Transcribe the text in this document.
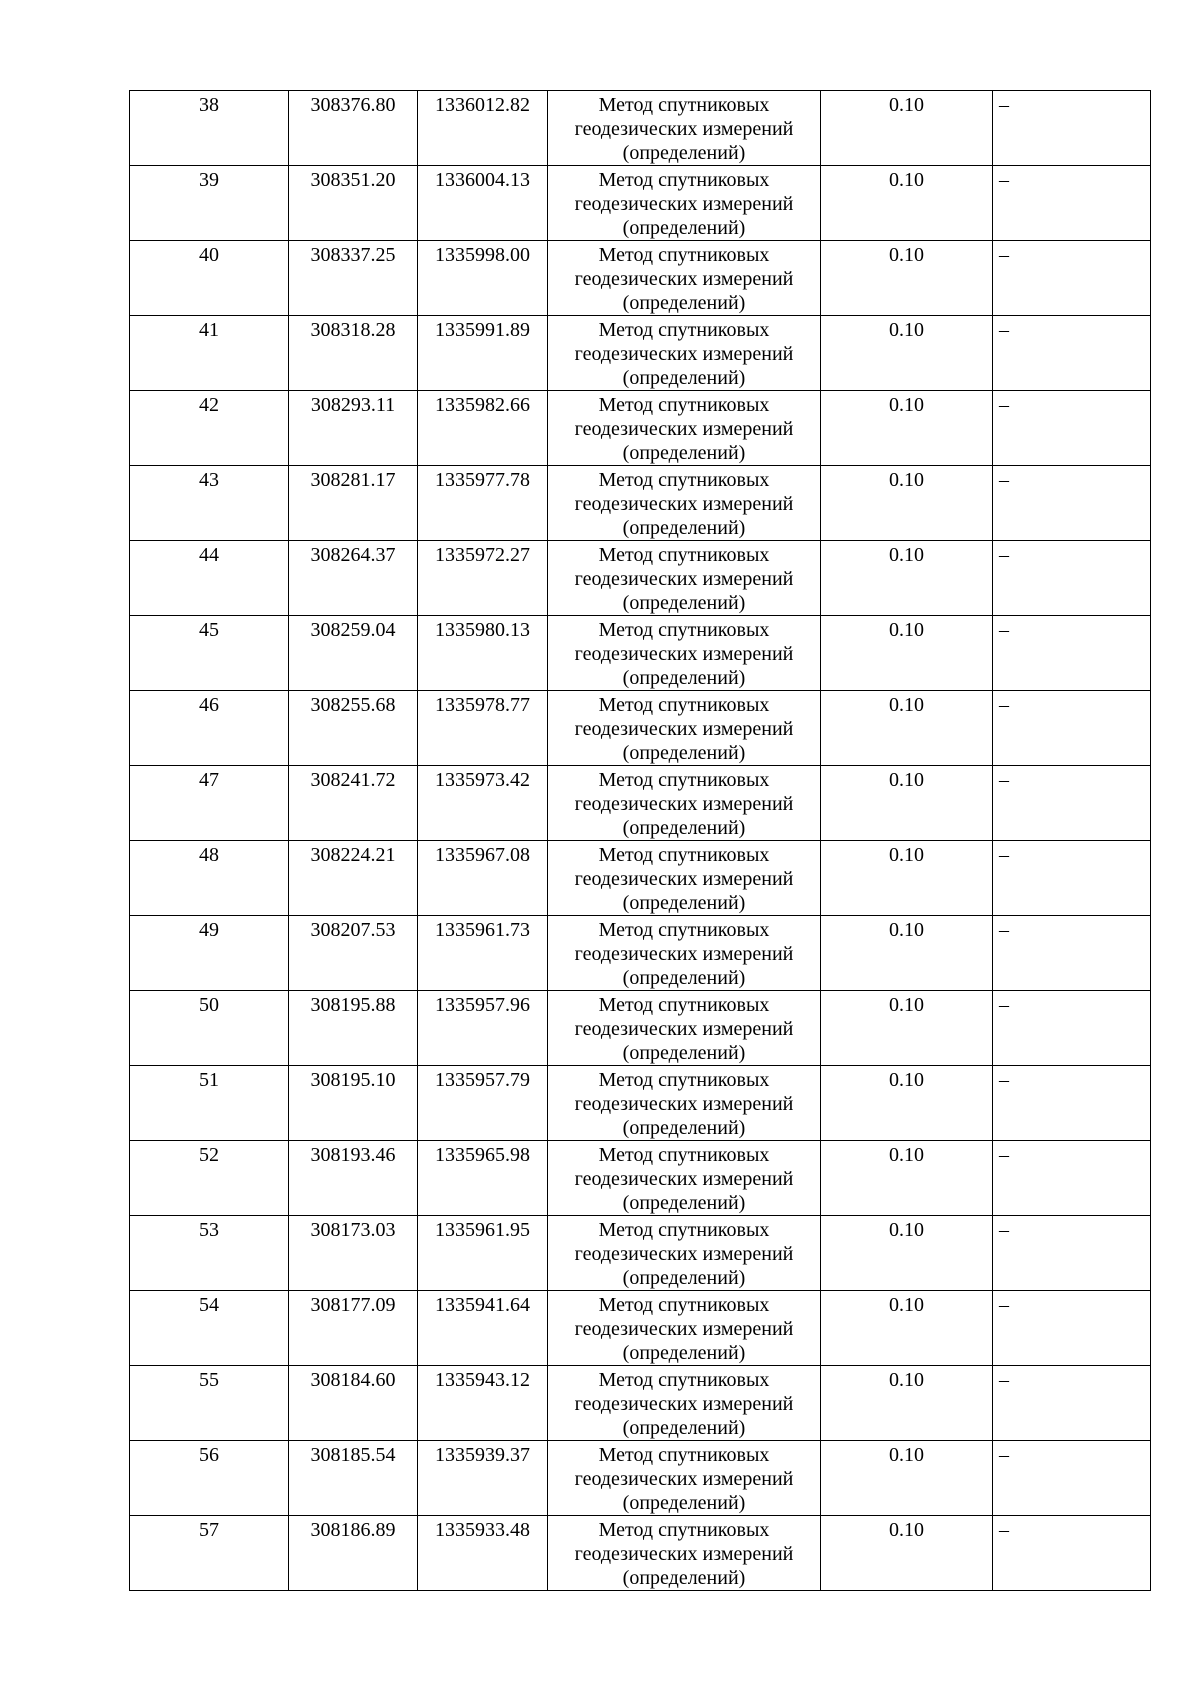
38	308376.80	1336012.82	Метод спутниковых геодезических измерений (определений)	0.10	–
39	308351.20	1336004.13	Метод спутниковых геодезических измерений (определений)	0.10	–
40	308337.25	1335998.00	Метод спутниковых геодезических измерений (определений)	0.10	–
41	308318.28	1335991.89	Метод спутниковых геодезических измерений (определений)	0.10	–
42	308293.11	1335982.66	Метод спутниковых геодезических измерений (определений)	0.10	–
43	308281.17	1335977.78	Метод спутниковых геодезических измерений (определений)	0.10	–
44	308264.37	1335972.27	Метод спутниковых геодезических измерений (определений)	0.10	–
45	308259.04	1335980.13	Метод спутниковых геодезических измерений (определений)	0.10	–
46	308255.68	1335978.77	Метод спутниковых геодезических измерений (определений)	0.10	–
47	308241.72	1335973.42	Метод спутниковых геодезических измерений (определений)	0.10	–
48	308224.21	1335967.08	Метод спутниковых геодезических измерений (определений)	0.10	–
49	308207.53	1335961.73	Метод спутниковых геодезических измерений (определений)	0.10	–
50	308195.88	1335957.96	Метод спутниковых геодезических измерений (определений)	0.10	–
51	308195.10	1335957.79	Метод спутниковых геодезических измерений (определений)	0.10	–
52	308193.46	1335965.98	Метод спутниковых геодезических измерений (определений)	0.10	–
53	308173.03	1335961.95	Метод спутниковых геодезических измерений (определений)	0.10	–
54	308177.09	1335941.64	Метод спутниковых геодезических измерений (определений)	0.10	–
55	308184.60	1335943.12	Метод спутниковых геодезических измерений (определений)	0.10	–
56	308185.54	1335939.37	Метод спутниковых геодезических измерений (определений)	0.10	–
57	308186.89	1335933.48	Метод спутниковых геодезических измерений (определений)	0.10	–
